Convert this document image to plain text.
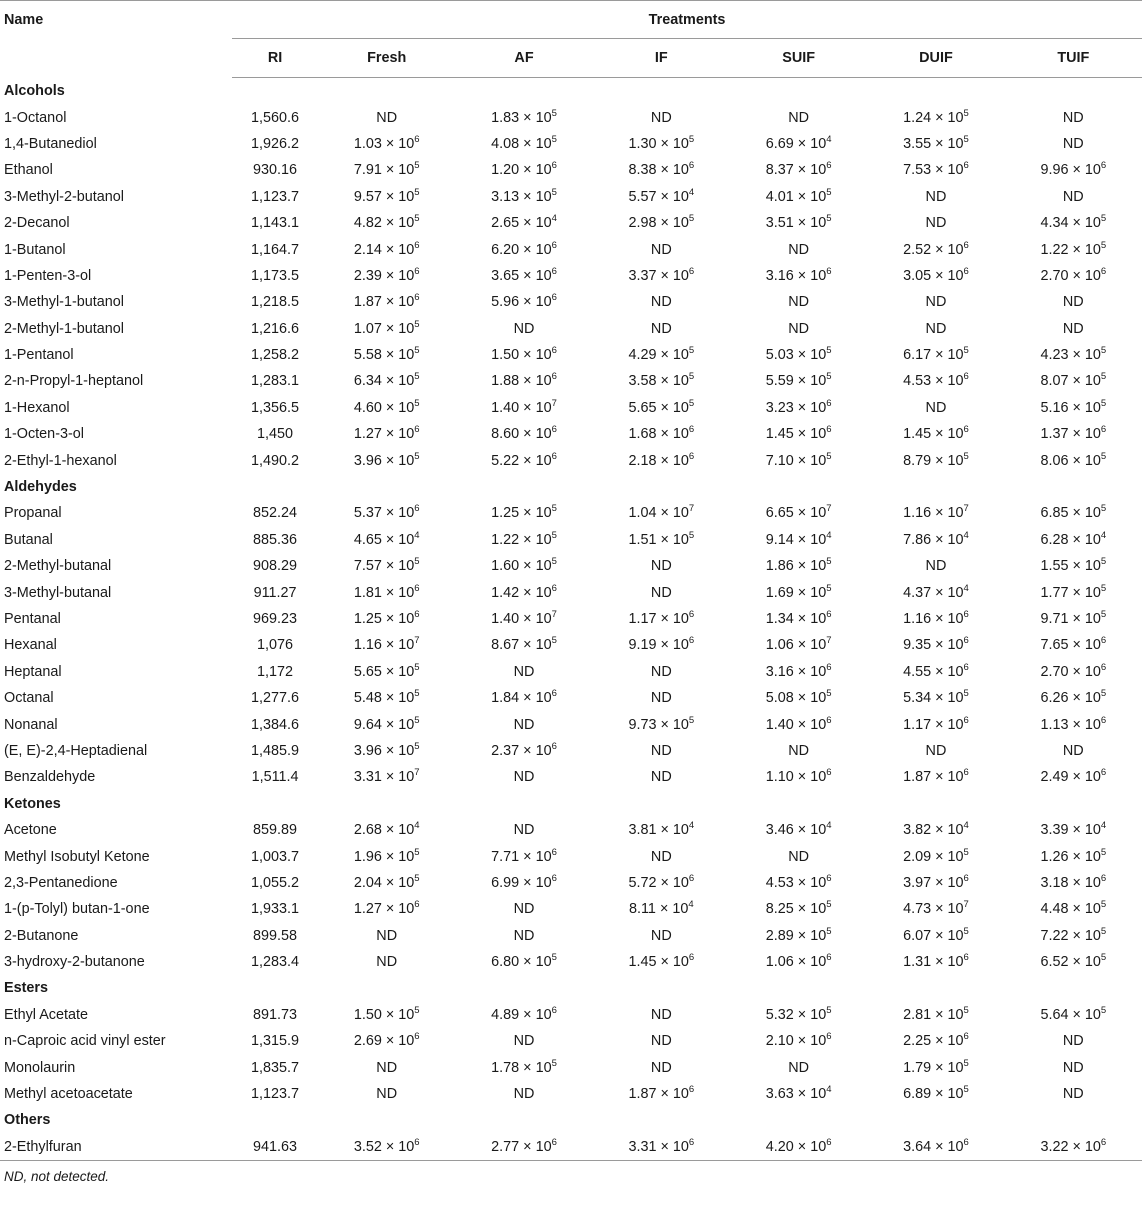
Name	Treatments						
	RI	Fresh	AF	IF	SUIF	DUIF	TUIF
Alcohols							
1-Octanol	1,560.6	ND	$1.83 \times 10^5$	ND	ND	$1.24 \times 10^5$	ND
1,4-Butanediol	1,926.2	$1.03 \times 10^6$	$4.08 \times 10^5$	$1.30 \times 10^5$	$6.69 \times 10^4$	$3.55 \times 10^5$	ND
Ethanol	930.16	$7.91 \times 10^5$	$1.20 \times 10^6$	$8.38 \times 10^6$	$8.37 \times 10^6$	$7.53 \times 10^6$	$9.96 \times 10^6$
3-Methyl-2-butanol	1,123.7	$9.57 \times 10^5$	$3.13 \times 10^5$	$5.57 \times 10^4$	$4.01 \times 10^5$	ND	ND
2-Decanol	1,143.1	$4.82 \times 10^5$	$2.65 \times 10^4$	$2.98 \times 10^5$	$3.51 \times 10^5$	ND	$4.34 \times 10^5$
1-Butanol	1,164.7	$2.14 \times 10^6$	$6.20 \times 10^6$	ND	ND	$2.52 \times 10^6$	$1.22 \times 10^5$
1-Penten-3-ol	1,173.5	$2.39 \times 10^6$	$3.65 \times 10^6$	$3.37 \times 10^6$	$3.16 \times 10^6$	$3.05 \times 10^6$	$2.70 \times 10^6$
3-Methyl-1-butanol	1,218.5	$1.87 \times 10^6$	$5.96 \times 10^6$	ND	ND	ND	ND
2-Methyl-1-butanol	1,216.6	$1.07 \times 10^5$	ND	ND	ND	ND	ND
1-Pentanol	1,258.2	$5.58 \times 10^5$	$1.50 \times 10^6$	$4.29 \times 10^5$	$5.03 \times 10^5$	$6.17 \times 10^5$	$4.23 \times 10^5$
2-n-Propyl-1-heptanol	1,283.1	$6.34 \times 10^5$	$1.88 \times 10^6$	$3.58 \times 10^5$	$5.59 \times 10^5$	$4.53 \times 10^6$	$8.07 \times 10^5$
1-Hexanol	1,356.5	$4.60 \times 10^5$	$1.40 \times 10^7$	$5.65 \times 10^5$	$3.23 \times 10^6$	ND	$5.16 \times 10^5$
1-Octen-3-ol	1,450	$1.27 \times 10^6$	$8.60 \times 10^6$	$1.68 \times 10^6$	$1.45 \times 10^6$	$1.45 \times 10^6$	$1.37 \times 10^6$
2-Ethyl-1-hexanol	1,490.2	$3.96 \times 10^5$	$5.22 \times 10^6$	$2.18 \times 10^6$	$7.10 \times 10^5$	$8.79 \times 10^5$	$8.06 \times 10^5$
Aldehydes							
Propanal	852.24	$5.37 \times 10^6$	$1.25 \times 10^5$	$1.04 \times 10^7$	$6.65 \times 10^7$	$1.16 \times 10^7$	$6.85 \times 10^5$
Butanal	885.36	$4.65 \times 10^4$	$1.22 \times 10^5$	$1.51 \times 10^5$	$9.14 \times 10^4$	$7.86 \times 10^4$	$6.28 \times 10^4$
2-Methyl-butanal	908.29	$7.57 \times 10^5$	$1.60 \times 10^5$	ND	$1.86 \times 10^5$	ND	$1.55 \times 10^5$
3-Methyl-butanal	911.27	$1.81 \times 10^6$	$1.42 \times 10^6$	ND	$1.69 \times 10^5$	$4.37 \times 10^4$	$1.77 \times 10^5$
Pentanal	969.23	$1.25 \times 10^6$	$1.40 \times 10^7$	$1.17 \times 10^6$	$1.34 \times 10^6$	$1.16 \times 10^6$	$9.71 \times 10^5$
Hexanal	1,076	$1.16 \times 10^7$	$8.67 \times 10^5$	$9.19 \times 10^6$	$1.06 \times 10^7$	$9.35 \times 10^6$	$7.65 \times 10^6$
Heptanal	1,172	$5.65 \times 10^5$	ND	ND	$3.16 \times 10^6$	$4.55 \times 10^6$	$2.70 \times 10^6$
Octanal	1,277.6	$5.48 \times 10^5$	$1.84 \times 10^6$	ND	$5.08 \times 10^5$	$5.34 \times 10^5$	$6.26 \times 10^5$
Nonanal	1,384.6	$9.64 \times 10^5$	ND	$9.73 \times 10^5$	$1.40 \times 10^6$	$1.17 \times 10^6$	$1.13 \times 10^6$
(E, E)-2,4-Heptadienal	1,485.9	$3.96 \times 10^5$	$2.37 \times 10^6$	ND	ND	ND	ND
Benzaldehyde	1,511.4	$3.31 \times 10^7$	ND	ND	$1.10 \times 10^6$	$1.87 \times 10^6$	$2.49 \times 10^6$
Ketones							
Acetone	859.89	$2.68 \times 10^4$	ND	$3.81 \times 10^4$	$3.46 \times 10^4$	$3.82 \times 10^4$	$3.39 \times 10^4$
Methyl Isobutyl Ketone	1,003.7	$1.96 \times 10^5$	$7.71 \times 10^6$	ND	ND	$2.09 \times 10^5$	$1.26 \times 10^5$
2,3-Pentanedione	1,055.2	$2.04 \times 10^5$	$6.99 \times 10^6$	$5.72 \times 10^6$	$4.53 \times 10^6$	$3.97 \times 10^6$	$3.18 \times 10^6$
1-(p-Tolyl) butan-1-one	1,933.1	$1.27 \times 10^6$	ND	$8.11 \times 10^4$	$8.25 \times 10^5$	$4.73 \times 10^7$	$4.48 \times 10^5$
2-Butanone	899.58	ND	ND	ND	$2.89 \times 10^5$	$6.07 \times 10^5$	$7.22 \times 10^5$
3-hydroxy-2-butanone	1,283.4	ND	$6.80 \times 10^5$	$1.45 \times 10^6$	$1.06 \times 10^6$	$1.31 \times 10^6$	$6.52 \times 10^5$
Esters							
Ethyl Acetate	891.73	$1.50 \times 10^5$	$4.89 \times 10^6$	ND	$5.32 \times 10^5$	$2.81 \times 10^5$	$5.64 \times 10^5$
n-Caproic acid vinyl ester	1,315.9	$2.69 \times 10^6$	ND	ND	$2.10 \times 10^6$	$2.25 \times 10^6$	ND
Monolaurin	1,835.7	ND	$1.78 \times 10^5$	ND	ND	$1.79 \times 10^5$	ND
Methyl acetoacetate	1,123.7	ND	ND	$1.87 \times 10^6$	$3.63 \times 10^4$	$6.89 \times 10^5$	ND
Others							
2-Ethylfuran	941.63	$3.52 \times 10^6$	$2.77 \times 10^6$	$3.31 \times 10^6$	$4.20 \times 10^6$	$3.64 \times 10^6$	$3.22 \times 10^6$
ND, not detected.
